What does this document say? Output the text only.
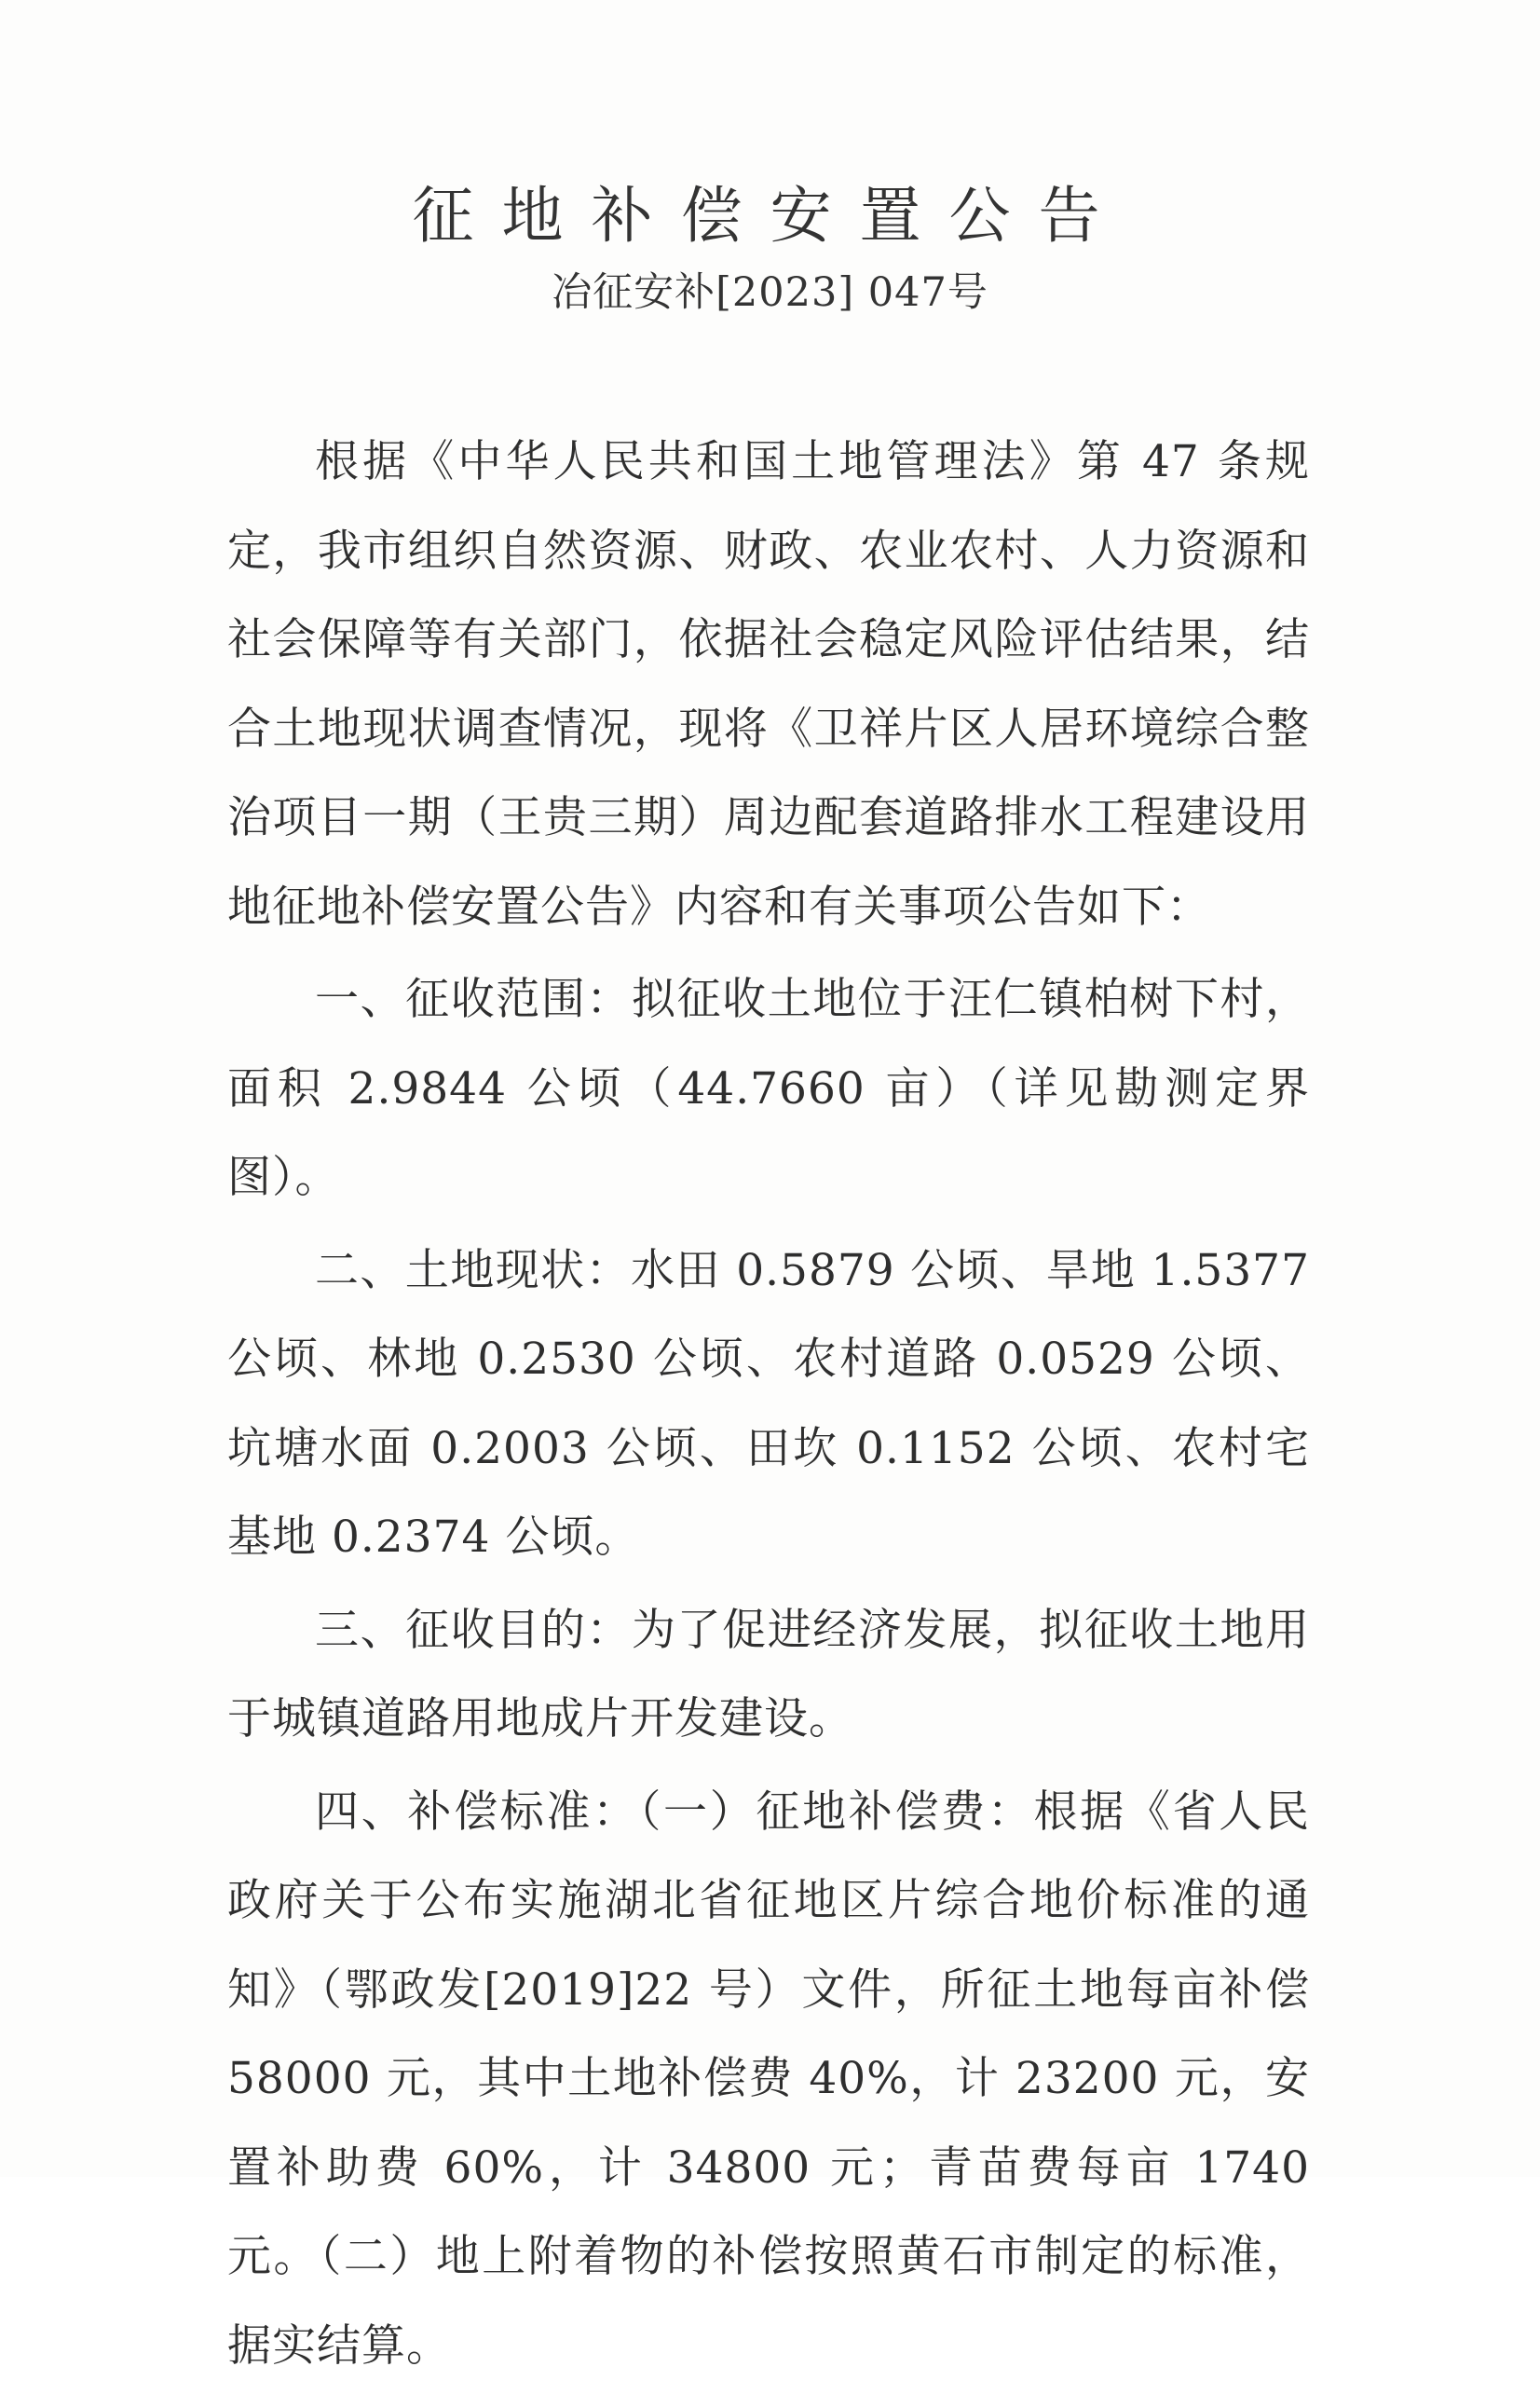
征地补偿安置公告
冶征安补[2023] 047号

根据《中华人民共和国土地管理法》第 47 条规定，我市组织自然资源、财政、农业农村、人力资源和社会保障等有关部门，依据社会稳定风险评估结果，结合土地现状调查情况，现将《卫祥片区人居环境综合整治项目一期（王贵三期）周边配套道路排水工程建设用地征地补偿安置公告》内容和有关事项公告如下：

一、征收范围：拟征收土地位于汪仁镇柏树下村，面积 2.9844 公顷（44.7660 亩）（详见勘测定界图）。

二、土地现状：水田 0.5879 公顷、旱地 1.5377 公顷、林地 0.2530 公顷、农村道路 0.0529 公顷、坑塘水面 0.2003 公顷、田坎 0.1152 公顷、农村宅基地 0.2374 公顷。

三、征收目的：为了促进经济发展，拟征收土地用于城镇道路用地成片开发建设。

四、补偿标准：（一）征地补偿费：根据《省人民政府关于公布实施湖北省征地区片综合地价标准的通知》（鄂政发[2019]22 号）文件，所征土地每亩补偿 58000 元，其中土地补偿费 40%，计 23200 元，安置补助费 60%，计 34800 元；青苗费每亩 1740 元。（二）地上附着物的补偿按照黄石市制定的标准，据实结算。
